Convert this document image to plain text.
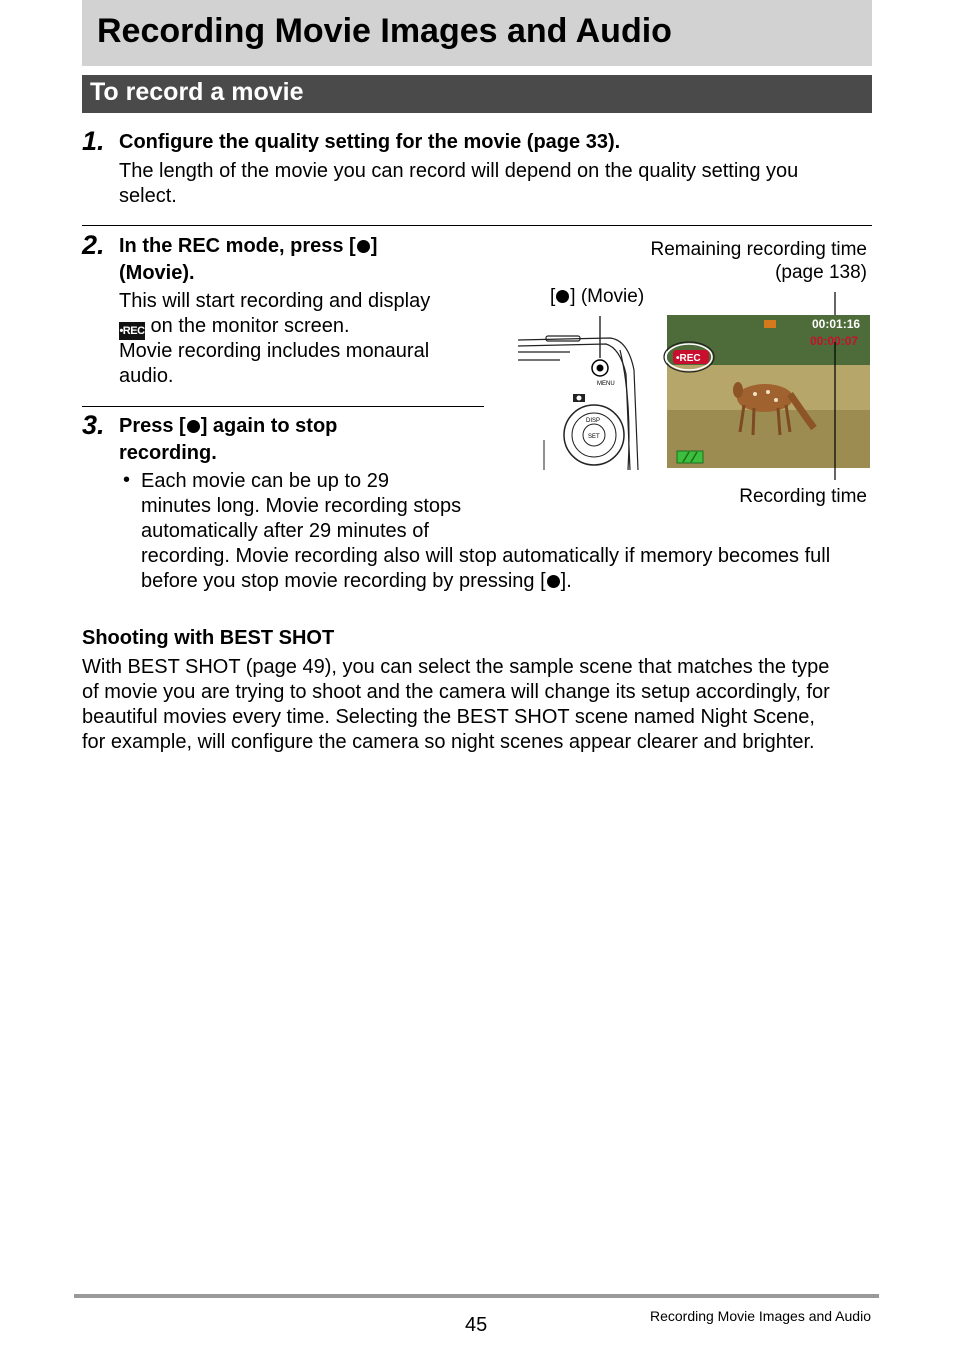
Recording Movie Images and Audio
To record a movie
1. Configure the quality setting for the movie (page 33).
The length of the movie you can record will depend on the quality setting you
select.
2. In the REC mode, press [ ]
(Movie).
This will start recording and display
•REC on the monitor screen.
Movie recording includes monaural
audio.
3. Press [ ] again to stop
recording.
• Each movie can be up to 29
minutes long. Movie recording stops
automatically after 29 minutes of
recording. Movie recording also will stop automatically if memory becomes full
before you stop movie recording by pressing [ ].
Remaining recording time
(page 138)
[ ] (Movie)
Recording time
MENU
DISP
SET
00:01:16
00:00:07
•REC
Shooting with BEST SHOT
With BEST SHOT (page 49), you can select the sample scene that matches the type
of movie you are trying to shoot and the camera will change its setup accordingly, for
beautiful movies every time. Selecting the BEST SHOT scene named Night Scene,
for example, will configure the camera so night scenes appear clearer and brighter.
45	Recording Movie Images and Audio
